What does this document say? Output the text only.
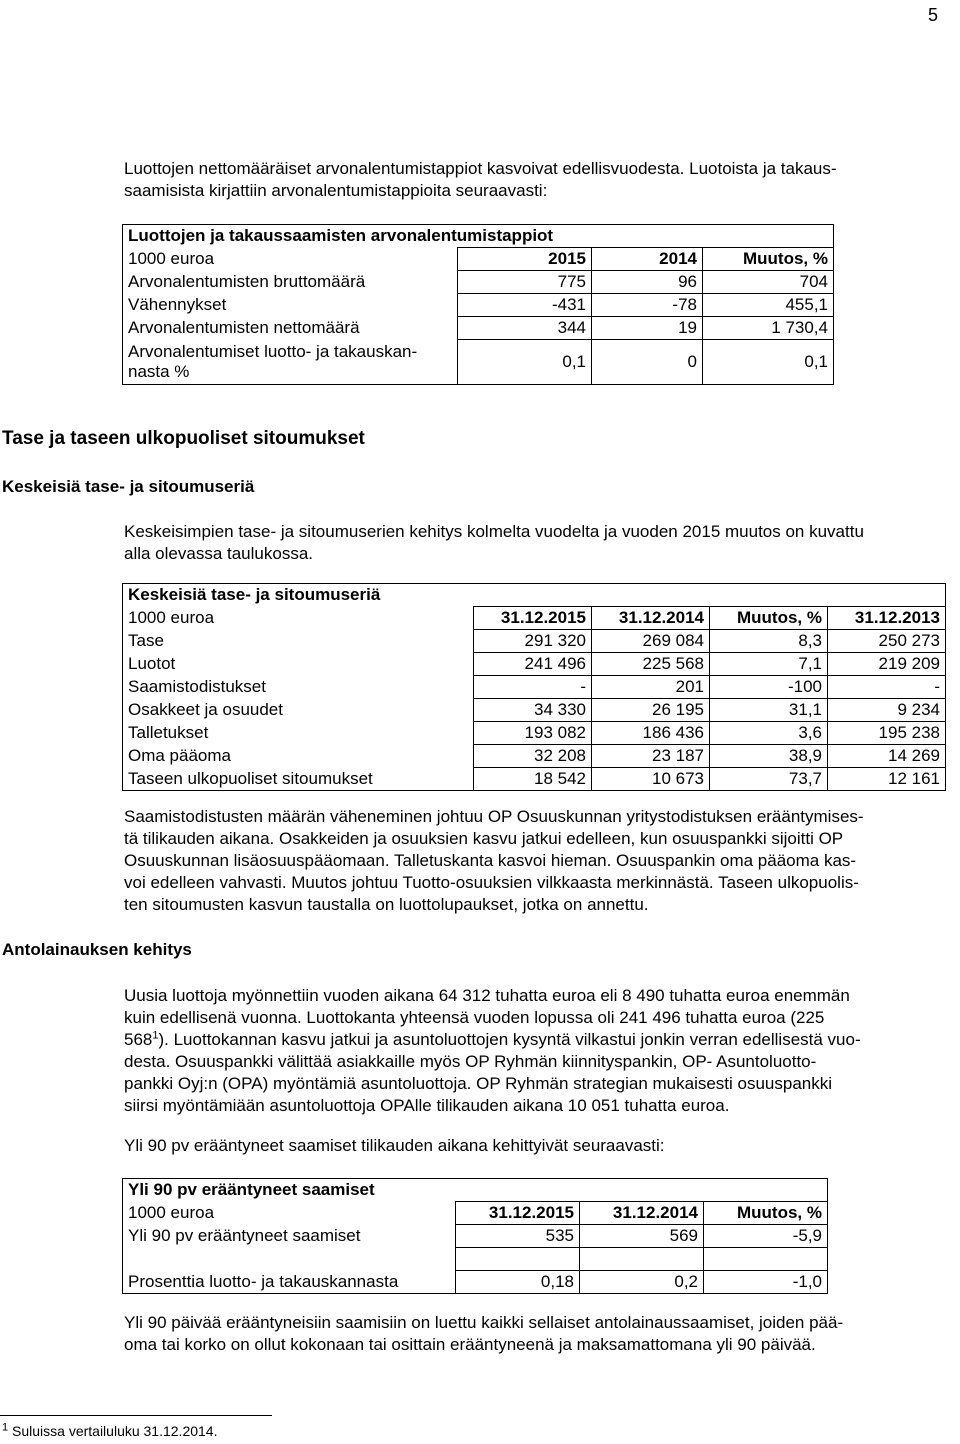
5

Luottojen nettomääräiset arvonalentumistappiot kasvoivat edellisvuodesta. Luotoista ja takaus-

saamisista kirjattiin arvonalentumistappioita seuraavasti:

Luottojen ja takaussaamisten arvonalentumistappiot			
1000 euroa	2015	2014	Muutos, %
Arvonalentumisten bruttomäärä	775	96	704
Vähennykset	-431	-78	455,1
Arvonalentumisten nettomäärä	344	19	1 730,4
Arvonalentumiset luotto- ja takauskan-
nasta %	0,1	0	0,1
Tase ja taseen ulkopuoliset sitoumukset
Keskeisiä tase- ja sitoumuseriä

Keskeisimpien tase- ja sitoumuserien kehitys kolmelta vuodelta ja vuoden 2015 muutos on kuvattu

alla olevassa taulukossa.

Keskeisiä tase- ja sitoumuseriä				
1000 euroa	31.12.2015	31.12.2014	Muutos, %	31.12.2013
Tase	291 320	269 084	8,3	250 273
Luotot	241 496	225 568	7,1	219 209
Saamistodistukset	-	201	-100	-
Osakkeet ja osuudet	34 330	26 195	31,1	9 234
Talletukset	193 082	186 436	3,6	195 238
Oma pääoma	32 208	23 187	38,9	14 269
Taseen ulkopuoliset sitoumukset	18 542	10 673	73,7	12 161

Saamistodistusten määrän väheneminen johtuu OP Osuuskunnan yritystodistuksen erääntymises-

tä tilikauden aikana. Osakkeiden ja osuuksien kasvu jatkui edelleen, kun osuuspankki sijoitti OP

Osuuskunnan lisäosuuspääomaan. Talletuskanta kasvoi hieman. Osuuspankin oma pääoma kas-

voi edelleen vahvasti. Muutos johtuu Tuotto-osuuksien vilkkaasta merkinnästä. Taseen ulkopuolis-

ten sitoumusten kasvun taustalla on luottolupaukset, jotka on annettu.

Antolainauksen kehitys

Uusia luottoja myönnettiin vuoden aikana 64 312 tuhatta euroa eli 8 490 tuhatta euroa enemmän

kuin edellisenä vuonna. Luottokanta yhteensä vuoden lopussa oli 241 496 tuhatta euroa (225

$568^1$). Luottokannan kasvu jatkui ja asuntoluottojen kysyntä vilkastui jonkin verran edellisestä vuo-

desta. Osuuspankki välittää asiakkaille myös OP Ryhmän kiinnityspankin, OP- Asuntoluotto-

pankki Oyj:n (OPA) myöntämiä asuntoluottoja. OP Ryhmän strategian mukaisesti osuuspankki

siirsi myöntämiään asuntoluottoja OPAlle tilikauden aikana 10 051 tuhatta euroa.

Yli 90 pv erääntyneet saamiset tilikauden aikana kehittyivät seuraavasti:
Yli 90 pv erääntyneet saamiset			
1000 euroa	31.12.2015	31.12.2014	Muutos, %
Yli 90 pv erääntyneet saamiset	535	569	-5,9

Prosenttia luotto- ja takauskannasta	0,18	0,2	-1,0

Yli 90 päivää erääntyneisiin saamisiin on luettu kaikki sellaiset antolainaussaamiset, joiden pää-

oma tai korko on ollut kokonaan tai osittain erääntyneenä ja maksamattomana yli 90 päivää.

$^1$ Suluissa vertailuluku 31.12.2014.
